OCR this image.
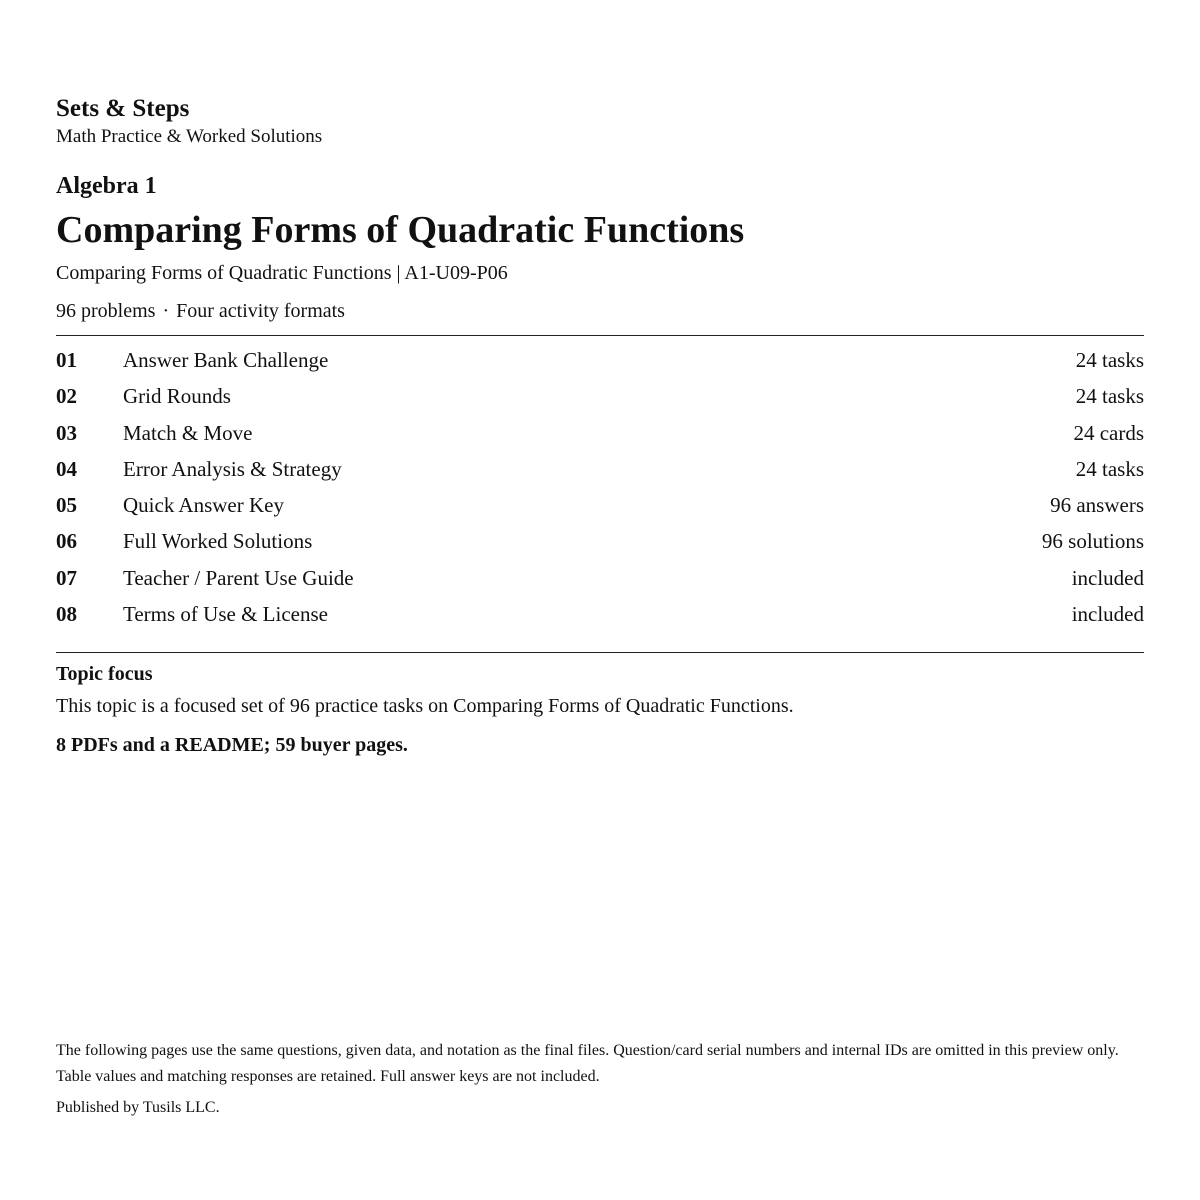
Sets & Steps
Math Practice & Worked Solutions
Algebra 1
Comparing Forms of Quadratic Functions
Comparing Forms of Quadratic Functions | A1-U09-P06
96 problems · Four activity formats
01 Answer Bank Challenge	24 tasks
02 Grid Rounds	24 tasks
03 Match & Move	24 cards
04 Error Analysis & Strategy	24 tasks
05 Quick Answer Key	96 answers
06 Full Worked Solutions	96 solutions
07 Teacher / Parent Use Guide	included
08 Terms of Use & License	included
Topic focus
This topic is a focused set of 96 practice tasks on Comparing Forms of Quadratic Functions.
8 PDFs and a README; 59 buyer pages.
The following pages use the same questions, given data, and notation as the final files. Question/card serial numbers and internal IDs are omitted in this preview only. Table values and matching responses are retained. Full answer keys are not included.
Published by Tusils LLC.
